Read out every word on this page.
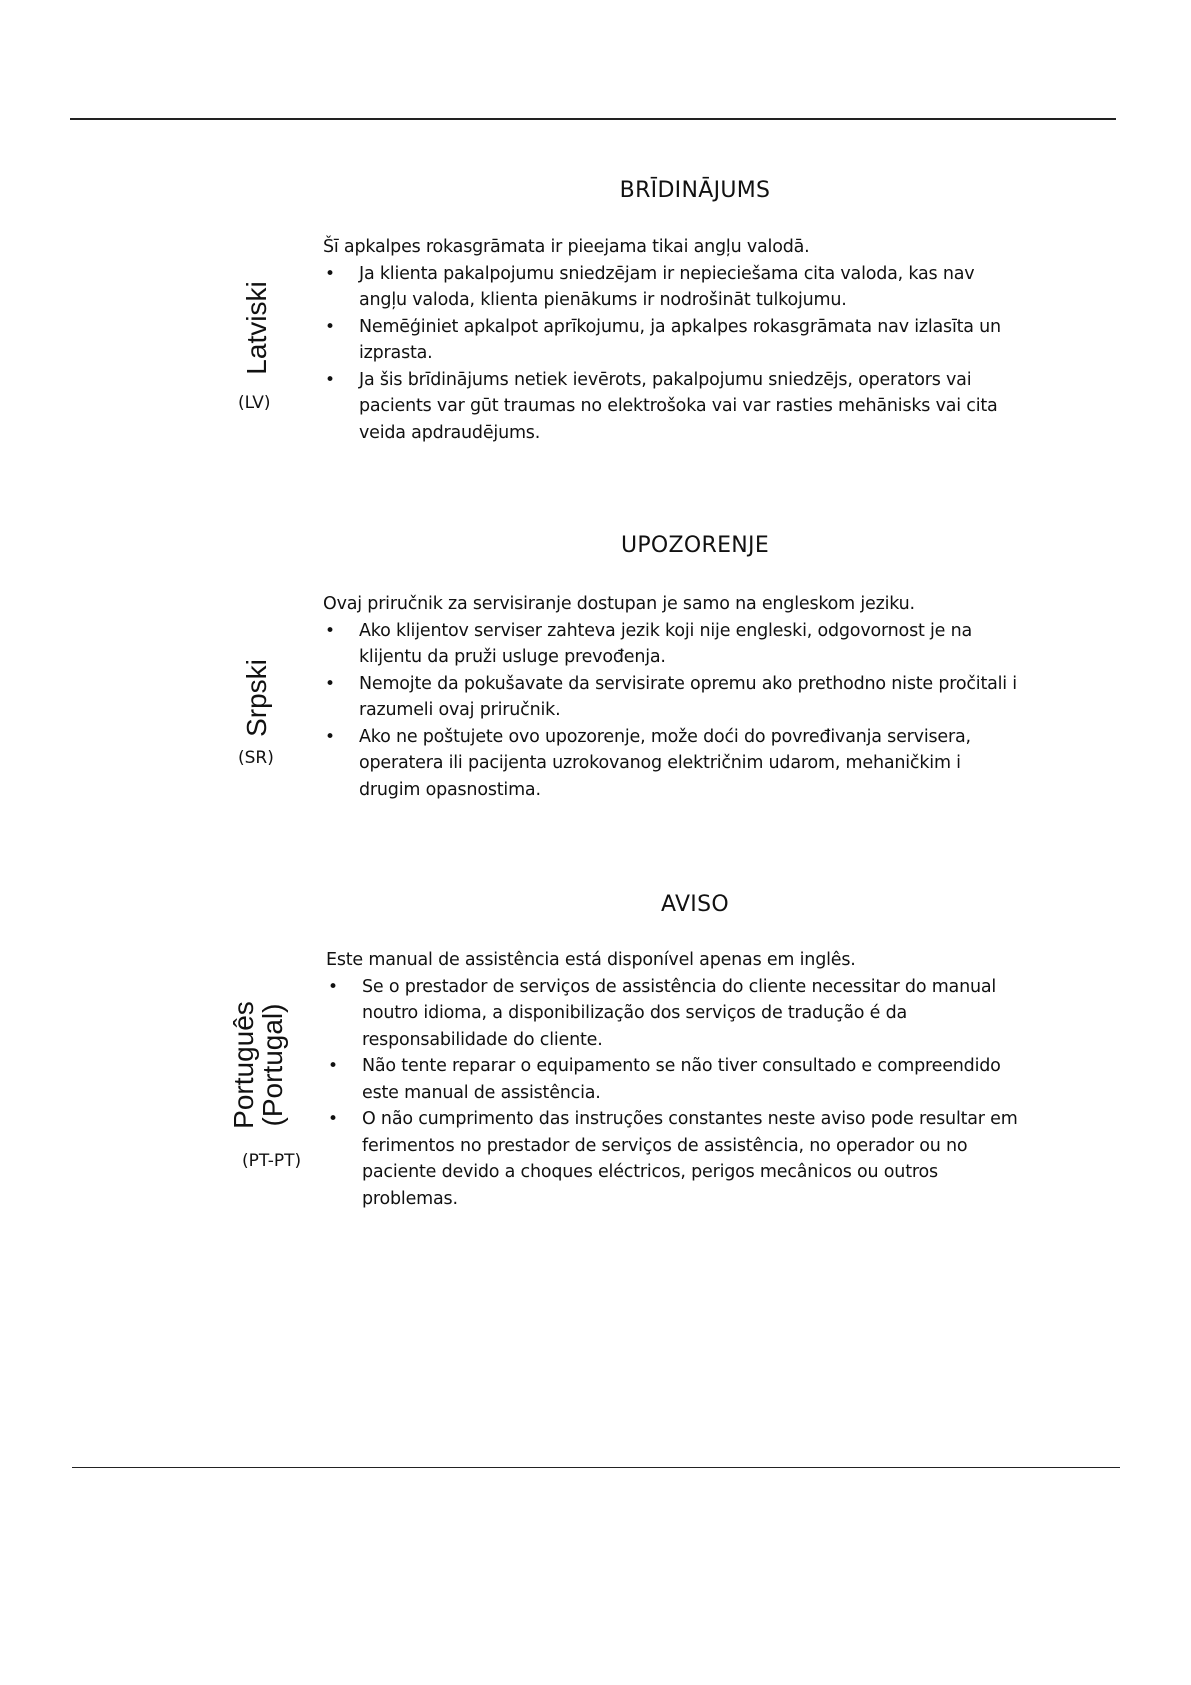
BRĪDINĀJUMS
Latviski
(LV)

Šī apkalpes rokasgrāmata ir pieejama tikai angļu valodā.

• Ja klienta pakalpojumu sniedzējam ir nepieciešama cita valoda, kas nav angļu valoda, klienta pienākums ir nodrošināt tulkojumu.
• Nemēģiniet apkalpot aprīkojumu, ja apkalpes rokasgrāmata nav izlasīta un izprasta.
• Ja šis brīdinājums netiek ievērots, pakalpojumu sniedzējs, operators vai pacients var gūt traumas no elektrošoka vai var rasties mehānisks vai cita veida apdraudējums.
UPOZORENJE
Srpski
(SR)

Ovaj priručnik za servisiranje dostupan je samo na engleskom jeziku.

• Ako klijentov serviser zahteva jezik koji nije engleski, odgovornost je na klijentu da pruži usluge prevođenja.
• Nemojte da pokušavate da servisirate opremu ako prethodno niste pročitali i razumeli ovaj priručnik.
• Ako ne poštujete ovo upozorenje, može doći do povređivanja servisera, operatera ili pacijenta uzrokovanog električnim udarom, mehaničkim i drugim opasnostima.
AVISO
Português
(Portugal)
(PT-PT)

Este manual de assistência está disponível apenas em inglês.

• Se o prestador de serviços de assistência do cliente necessitar do manual noutro idioma, a disponibilização dos serviços de tradução é da responsabilidade do cliente.
• Não tente reparar o equipamento se não tiver consultado e compreendido este manual de assistência.
• O não cumprimento das instruções constantes neste aviso pode resultar em ferimentos no prestador de serviços de assistência, no operador ou no paciente devido a choques eléctricos, perigos mecânicos ou outros problemas.
